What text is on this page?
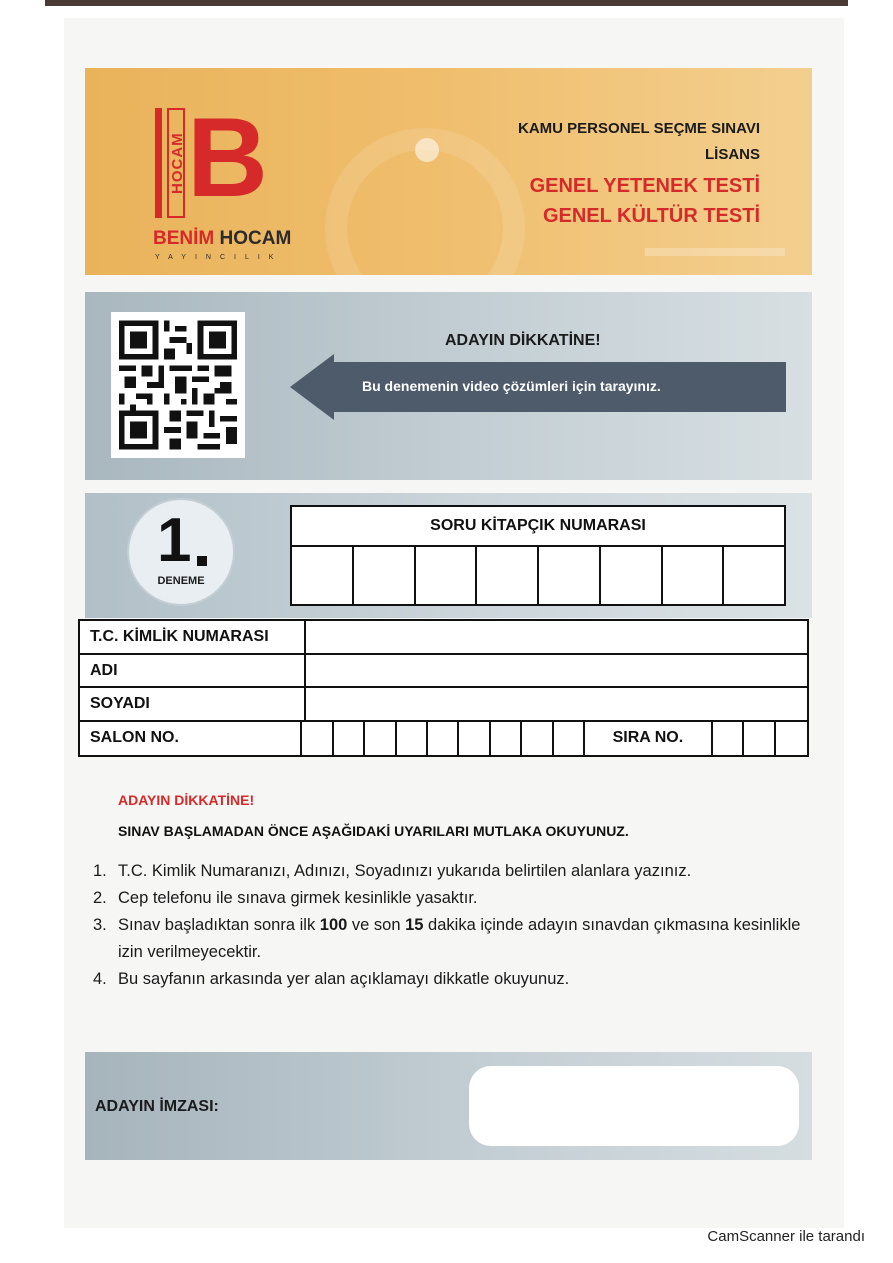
HOCAM B
BENİM HOCAM
YAYINCILIK
KAMU PERSONEL SEÇME SINAVI
LİSANS
GENEL YETENEK TESTİ
GENEL KÜLTÜR TESTİ
ADAYIN DİKKATİNE!
Bu denemenin video çözümleri için tarayınız.
1
DENEME
SORU KİTAPÇIK NUMARASI
T.C. KİMLİK NUMARASI
ADI
SOYADI
SALON NO.	SIRA NO.
ADAYIN DİKKATİNE!
SINAV BAŞLAMADAN ÖNCE AŞAĞIDAKİ UYARILARI MUTLAKA OKUYUNUZ.
1. T.C. Kimlik Numaranızı, Adınızı, Soyadınızı yukarıda belirtilen alanlara yazınız.
2. Cep telefonu ile sınava girmek kesinlikle yasaktır.
3. Sınav başladıktan sonra ilk 100 ve son 15 dakika içinde adayın sınavdan çıkmasına kesinlikle izin verilmeyecektir.
4. Bu sayfanın arkasında yer alan açıklamayı dikkatle okuyunuz.
ADAYIN İMZASI:
CamScanner ile tarandı
